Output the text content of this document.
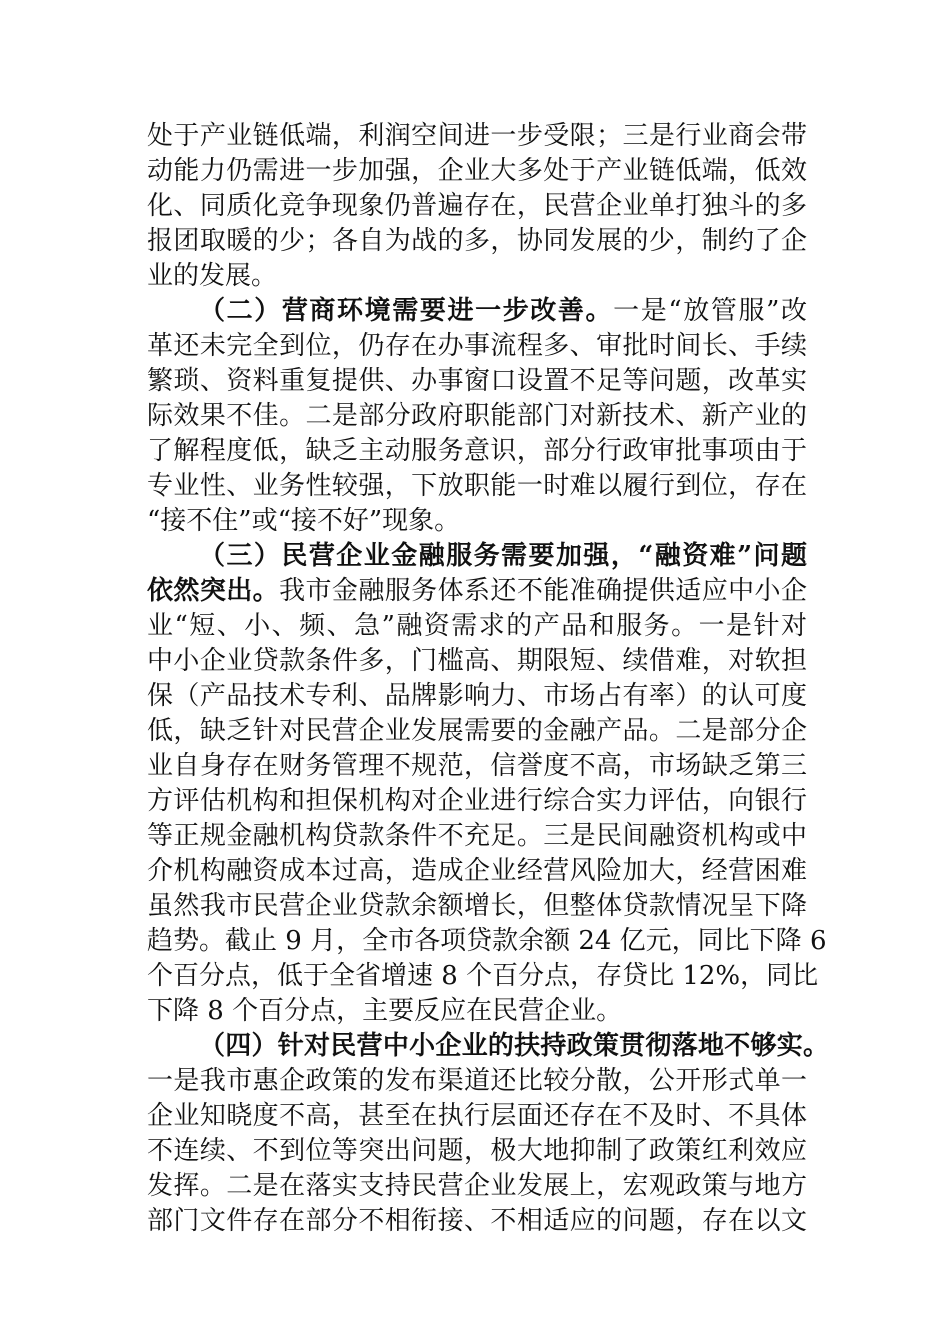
处于产业链低端，利润空间进一步受限；三是行业商会带
动能力仍需进一步加强，企业大多处于产业链低端，低效
化、同质化竞争现象仍普遍存在，民营企业单打独斗的多
报团取暖的少；各自为战的多，协同发展的少，制约了企
业的发展。
（二）营商环境需要进一步改善。一是“放管服”改
革还未完全到位，仍存在办事流程多、审批时间长、手续
繁琐、资料重复提供、办事窗口设置不足等问题，改革实
际效果不佳。二是部分政府职能部门对新技术、新产业的
了解程度低，缺乏主动服务意识，部分行政审批事项由于
专业性、业务性较强，下放职能一时难以履行到位，存在
“接不住”或“接不好”现象。
（三）民营企业金融服务需要加强，“融资难”问题
依然突出。我市金融服务体系还不能准确提供适应中小企
业“短、小、频、急”融资需求的产品和服务。一是针对
中小企业贷款条件多，门槛高、期限短、续借难，对软担
保（产品技术专利、品牌影响力、市场占有率）的认可度
低，缺乏针对民营企业发展需要的金融产品。二是部分企
业自身存在财务管理不规范，信誉度不高，市场缺乏第三
方评估机构和担保机构对企业进行综合实力评估，向银行
等正规金融机构贷款条件不充足。三是民间融资机构或中
介机构融资成本过高，造成企业经营风险加大，经营困难
虽然我市民营企业贷款余额增长，但整体贷款情况呈下降
趋势。截止 9 月，全市各项贷款余额 24 亿元，同比下降 6
个百分点，低于全省增速 8 个百分点，存贷比 12%，同比
下降 8 个百分点，主要反应在民营企业。
（四）针对民营中小企业的扶持政策贯彻落地不够实。
一是我市惠企政策的发布渠道还比较分散，公开形式单一
企业知晓度不高，甚至在执行层面还存在不及时、不具体
不连续、不到位等突出问题，极大地抑制了政策红利效应
发挥。二是在落实支持民营企业发展上，宏观政策与地方
部门文件存在部分不相衔接、不相适应的问题，存在以文
